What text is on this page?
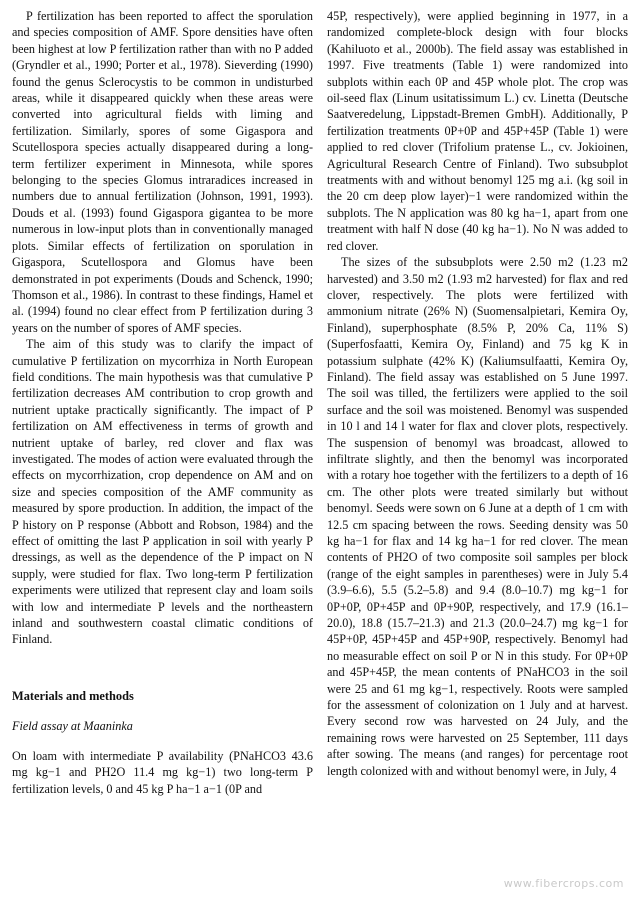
P fertilization has been reported to affect the sporulation and species composition of AMF. Spore densities have often been highest at low P fertilization rather than with no P added (Gryndler et al., 1990; Porter et al., 1978). Sieverding (1990) found the genus Sclerocystis to be common in undisturbed areas, while it disappeared quickly when these areas were converted into agricultural fields with liming and fertilization. Similarly, spores of some Gigaspora and Scutellospora species actually disappeared during a long-term fertilizer experiment in Minnesota, while spores belonging to the species Glomus intraradices increased in numbers due to annual fertilization (Johnson, 1991, 1993). Douds et al. (1993) found Gigaspora gigantea to be more numerous in low-input plots than in conventionally managed plots. Similar effects of fertilization on sporulation in Gigaspora, Scutellospora and Glomus have been demonstrated in pot experiments (Douds and Schenck, 1990; Thomson et al., 1986). In contrast to these findings, Hamel et al. (1994) found no clear effect from P fertilization during 3 years on the number of spores of AMF species.

The aim of this study was to clarify the impact of cumulative P fertilization on mycorrhiza in North European field conditions. The main hypothesis was that cumulative P fertilization decreases AM contribution to crop growth and nutrient uptake practically significantly. The impact of P fertilization on AM effectiveness in terms of growth and nutrient uptake of barley, red clover and flax was investigated. The modes of action were evaluated through the effects on mycorrhization, crop dependence on AM and on size and species composition of the AMF community as measured by spore production. In addition, the impact of the P history on P response (Abbott and Robson, 1984) and the effect of omitting the last P application in soil with yearly P dressings, as well as the dependence of the P impact on N supply, were studied for flax. Two long-term P fertilization experiments were utilized that represent clay and loam soils with low and intermediate P levels and the northeastern inland and southwestern coastal climatic conditions of Finland.

Materials and methods
Field assay at Maaninka

On loam with intermediate P availability (PNaHCO3 43.6 mg kg−1 and PH2O 11.4 mg kg−1) two long-term P fertilization levels, 0 and 45 kg P ha−1 a−1 (0P and

45P, respectively), were applied beginning in 1977, in a randomized complete-block design with four blocks (Kahiluoto et al., 2000b). The field assay was established in 1997. Five treatments (Table 1) were randomized into subplots within each 0P and 45P whole plot. The crop was oil-seed flax (Linum usitatissimum L.) cv. Linetta (Deutsche Saatveredelung, Lippstadt-Bremen GmbH). Additionally, P fertilization treatments 0P+0P and 45P+45P (Table 1) were applied to red clover (Trifolium pratense L., cv. Jokioinen, Agricultural Research Centre of Finland). Two subsubplot treatments with and without benomyl 125 mg a.i. (kg soil in the 20 cm deep plow layer)−1 were randomized within the subplots. The N application was 80 kg ha−1, apart from one treatment with half N dose (40 kg ha−1). No N was added to red clover.

The sizes of the subsubplots were 2.50 m2 (1.23 m2 harvested) and 3.50 m2 (1.93 m2 harvested) for flax and red clover, respectively. The plots were fertilized with ammonium nitrate (26% N) (Suomensalpietari, Kemira Oy, Finland), superphosphate (8.5% P, 20% Ca, 11% S) (Superfosfaatti, Kemira Oy, Finland) and 75 kg K in potassium sulphate (42% K) (Kaliumsulfaatti, Kemira Oy, Finland). The field assay was established on 5 June 1997. The soil was tilled, the fertilizers were applied to the soil surface and the soil was moistened. Benomyl was suspended in 10 l and 14 l water for flax and clover plots, respectively. The suspension of benomyl was broadcast, allowed to infiltrate slightly, and then the benomyl was incorporated with a rotary hoe together with the fertilizers to a depth of 16 cm. The other plots were treated similarly but without benomyl. Seeds were sown on 6 June at a depth of 1 cm with 12.5 cm spacing between the rows. Seeding density was 50 kg ha−1 for flax and 14 kg ha−1 for red clover. The mean contents of PH2O of two composite soil samples per block (range of the eight samples in parentheses) were in July 5.4 (3.9–6.6), 5.5 (5.2–5.8) and 9.4 (8.0–10.7) mg kg−1 for 0P+0P, 0P+45P and 0P+90P, respectively, and 17.9 (16.1–20.0), 18.8 (15.7–21.3) and 21.3 (20.0–24.7) mg kg−1 for 45P+0P, 45P+45P and 45P+90P, respectively. Benomyl had no measurable effect on soil P or N in this study. For 0P+0P and 45P+45P, the mean contents of PNaHCO3 in the soil were 25 and 61 mg kg−1, respectively. Roots were sampled for the assessment of colonization on 1 July and at harvest. Every second row was harvested on 24 July, and the remaining rows were harvested on 25 September, 111 days after sowing. The means (and ranges) for percentage root length colonized with and without benomyl were, in July, 4

www.fibercrops.com
